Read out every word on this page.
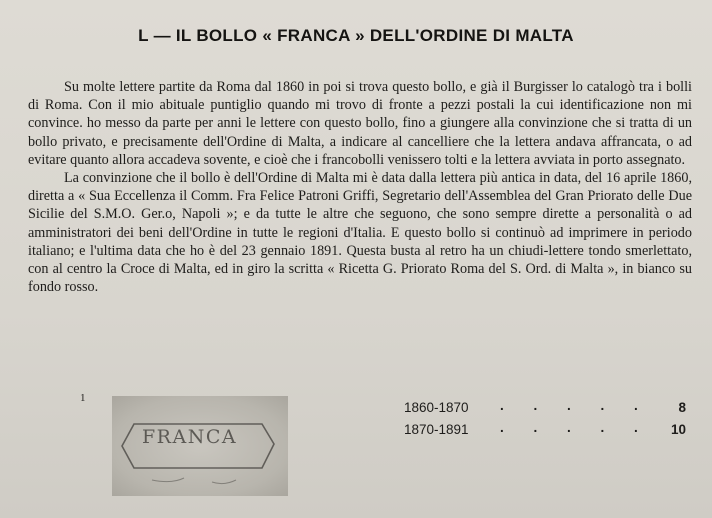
L — IL BOLLO « FRANCA » DELL'ORDINE DI MALTA

Su molte lettere partite da Roma dal 1860 in poi si trova questo bollo, e già il Burgisser lo catalogò tra i bolli di Roma. Con il mio abituale puntiglio quando mi trovo di fronte a pezzi postali la cui identificazione non mi convince. ho messo da parte per anni le lettere con questo bollo, fino a giungere alla convinzione che si tratta di un bollo privato, e precisamente dell'Ordine di Malta, a indicare al cancelliere che la lettera andava affrancata, o ad evitare quanto allora accadeva sovente, e cioè che i francobolli venissero tolti e la lettera avviata in porto assegnato.

La convinzione che il bollo è dell'Ordine di Malta mi è data dalla lettera più antica in data, del 16 aprile 1860, diretta a « Sua Eccellenza il Comm. Fra Felice Patroni Griffi, Segretario dell'Assemblea del Gran Priorato delle Due Sicilie del S.M.O. Ger.o, Napoli »; e da tutte le altre che seguono, che sono sempre dirette a personalità o ad amministratori dei beni dell'Ordine in tutte le regioni d'Italia. E questo bollo si continuò ad imprimere in periodo italiano; e l'ultima data che ho è del 23 gennaio 1891. Questa busta al retro ha un chiudi-lettere tondo smerlettato, con al centro la Croce di Malta, ed in giro la scritta « Ricetta G. Priorato Roma del S. Ord. di Malta », in bianco su fondo rosso.

1
FRANCA
1860-1870 . . . . . 8
1870-1891 . . . . . 10
